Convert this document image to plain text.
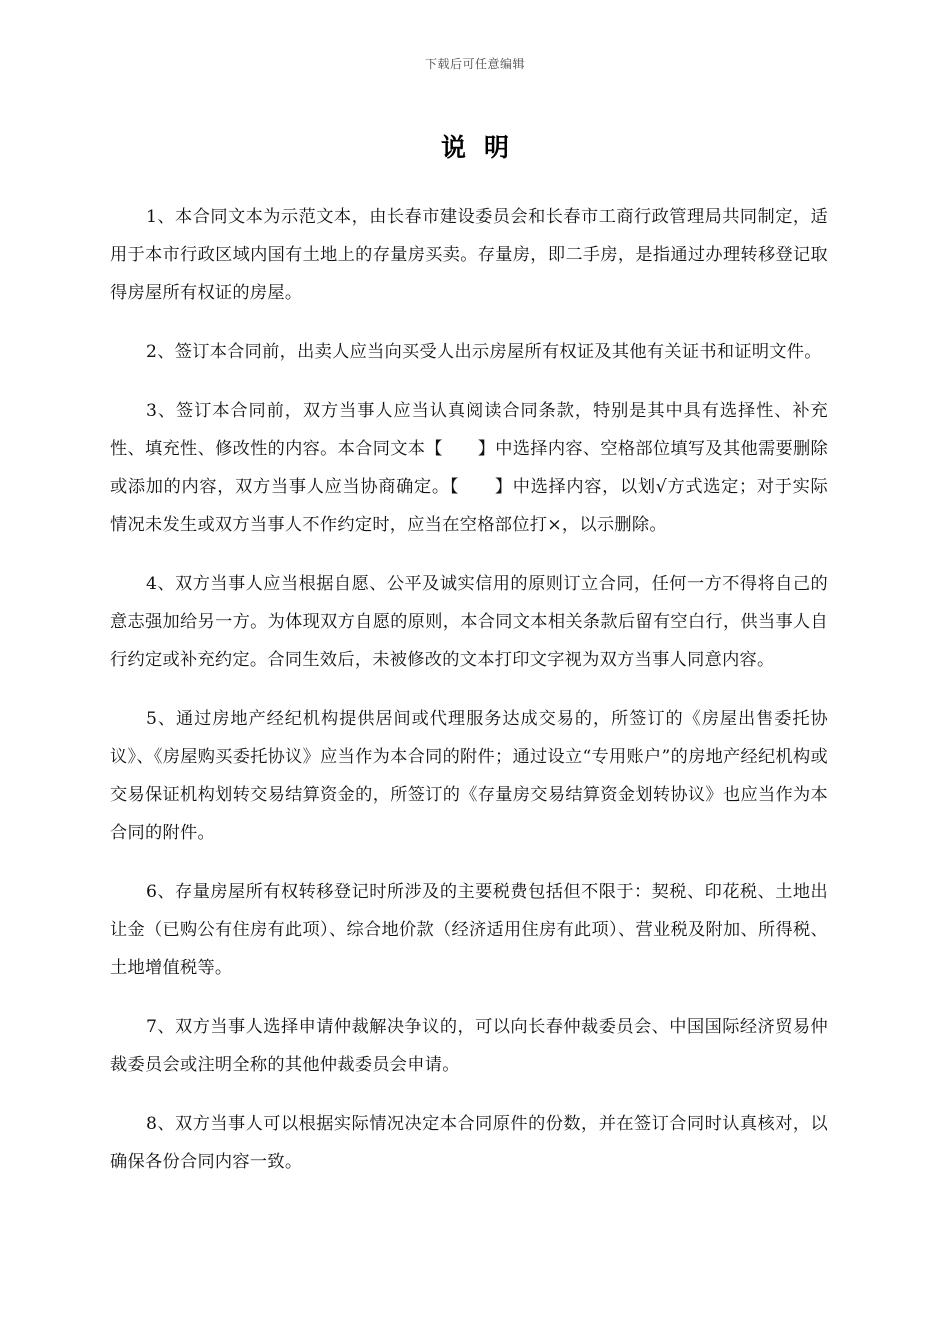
下载后可任意编辑
说明

1、本合同文本为示范文本，由长春市建设委员会和长春市工商行政管理局共同制定，适用于本市行政区域内国有土地上的存量房买卖。存量房，即二手房，是指通过办理转移登记取得房屋所有权证的房屋。

2、签订本合同前，出卖人应当向买受人出示房屋所有权证及其他有关证书和证明文件。

3、签订本合同前，双方当事人应当认真阅读合同条款，特别是其中具有选择性、补充性、填充性、修改性的内容。本合同文本【　　】中选择内容、空格部位填写及其他需要删除或添加的内容，双方当事人应当协商确定。【　　】中选择内容，以划√方式选定；对于实际情况未发生或双方当事人不作约定时，应当在空格部位打×，以示删除。

4、双方当事人应当根据自愿、公平及诚实信用的原则订立合同，任何一方不得将自己的意志强加给另一方。为体现双方自愿的原则，本合同文本相关条款后留有空白行，供当事人自行约定或补充约定。合同生效后，未被修改的文本打印文字视为双方当事人同意内容。

5、通过房地产经纪机构提供居间或代理服务达成交易的，所签订的《房屋出售委托协议》、《房屋购买委托协议》应当作为本合同的附件；通过设立“专用账户”的房地产经纪机构或交易保证机构划转交易结算资金的，所签订的《存量房交易结算资金划转协议》也应当作为本合同的附件。

6、存量房屋所有权转移登记时所涉及的主要税费包括但不限于：契税、印花税、土地出让金（已购公有住房有此项）、综合地价款（经济适用住房有此项）、营业税及附加、所得税、土地增值税等。

7、双方当事人选择申请仲裁解决争议的，可以向长春仲裁委员会、中国国际经济贸易仲裁委员会或注明全称的其他仲裁委员会申请。

8、双方当事人可以根据实际情况决定本合同原件的份数，并在签订合同时认真核对，以确保各份合同内容一致。
